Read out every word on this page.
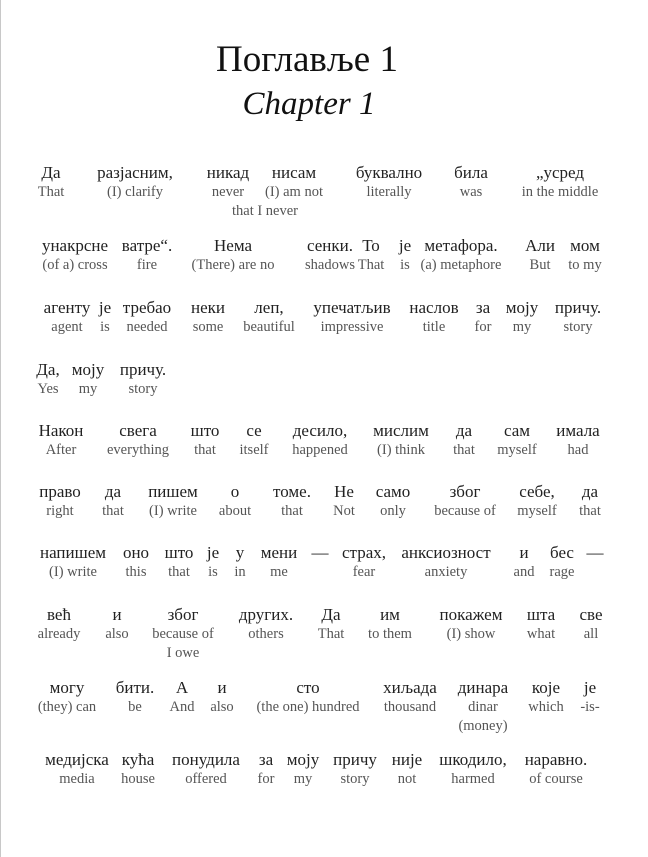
Поглавље 1
Chapter 1
Да
That
разјасним,
(I) clarify
никад
never
нисам
(I) am not
that I never
буквално
literally
била
was
„усред
in the middle
унакрсне
(of a) cross
ватре“.
fire
Нема
(There) are no
сенки.
shadows
То
That
је
is
метафора.
(a) metaphore
Али
But
мом
to my
агенту
agent
је
is
требао
needed
неки
some
леп,
beautiful
упечатљив
impressive
наслов
title
за
for
моју
my
причу.
story
Да,
Yes
моју
my
причу.
story
Након
After
свега
everything
што
that
се
itself
десило,
happened
мислим
(I) think
да
that
сам
myself
имала
had
право
right
да
that
пишем
(I) write
о
about
томе.
that
Не
Not
само
only
због
because of
себе,
myself
да
that
напишем
(I) write
оно
this
што
that
је
is
у
in
мени
me
—
страх,
fear
анксиозност
anxiety
и
and
бес
rage
—

већ
already
и
also
због
because of
I owe
других.
others
Да
That
им
to them
покажем
(I) show
шта
what
све
all
могу
(they) can
бити.
be
А
And
и
also
сто
(the one) hundred
хиљада
thousand
динара
dinar
(money)
које
which
је
-is-
медијска
media
кућа
house
понудила
offered
за
for
моју
my
причу
story
није
not
шкодило,
harmed
наравно.
of course
